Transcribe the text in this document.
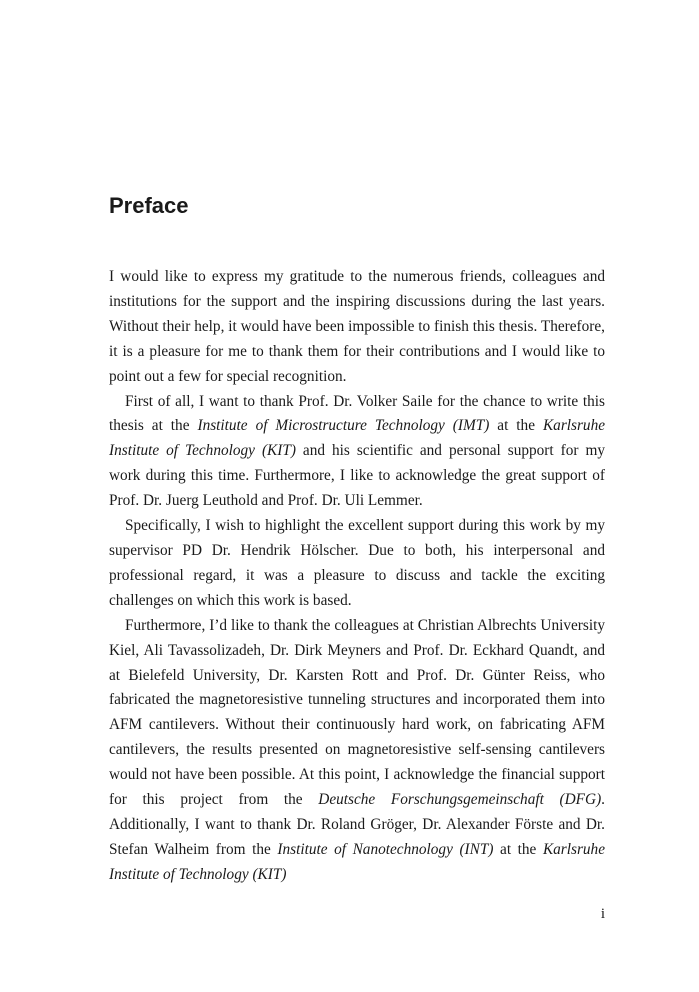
Preface

I would like to express my gratitude to the numerous friends, colleagues and institutions for the support and the inspiring discussions during the last years. Without their help, it would have been impossible to finish this thesis. Therefore, it is a pleasure for me to thank them for their contributions and I would like to point out a few for special recognition.

First of all, I want to thank Prof. Dr. Volker Saile for the chance to write this thesis at the Institute of Microstructure Technology (IMT) at the Karlsruhe Institute of Technology (KIT) and his scientific and personal support for my work during this time. Furthermore, I like to acknowledge the great support of Prof. Dr. Juerg Leuthold and Prof. Dr. Uli Lemmer.

Specifically, I wish to highlight the excellent support during this work by my supervisor PD Dr. Hendrik Hölscher. Due to both, his interpersonal and professional regard, it was a pleasure to discuss and tackle the exciting challenges on which this work is based.

Furthermore, I’d like to thank the colleagues at Christian Albrechts University Kiel, Ali Tavassolizadeh, Dr. Dirk Meyners and Prof. Dr. Eckhard Quandt, and at Bielefeld University, Dr. Karsten Rott and Prof. Dr. Günter Reiss, who fabricated the magnetoresistive tunneling structures and incorporated them into AFM cantilevers. Without their continuously hard work, on fabricating AFM cantilevers, the results presented on magnetoresistive self-sensing cantilevers would not have been possible. At this point, I acknowledge the financial support for this project from the Deutsche Forschungsgemeinschaft (DFG). Additionally, I want to thank Dr. Roland Gröger, Dr. Alexander Förste and Dr. Stefan Walheim from the Institute of Nanotechnology (INT) at the Karlsruhe Institute of Technology (KIT)

i
